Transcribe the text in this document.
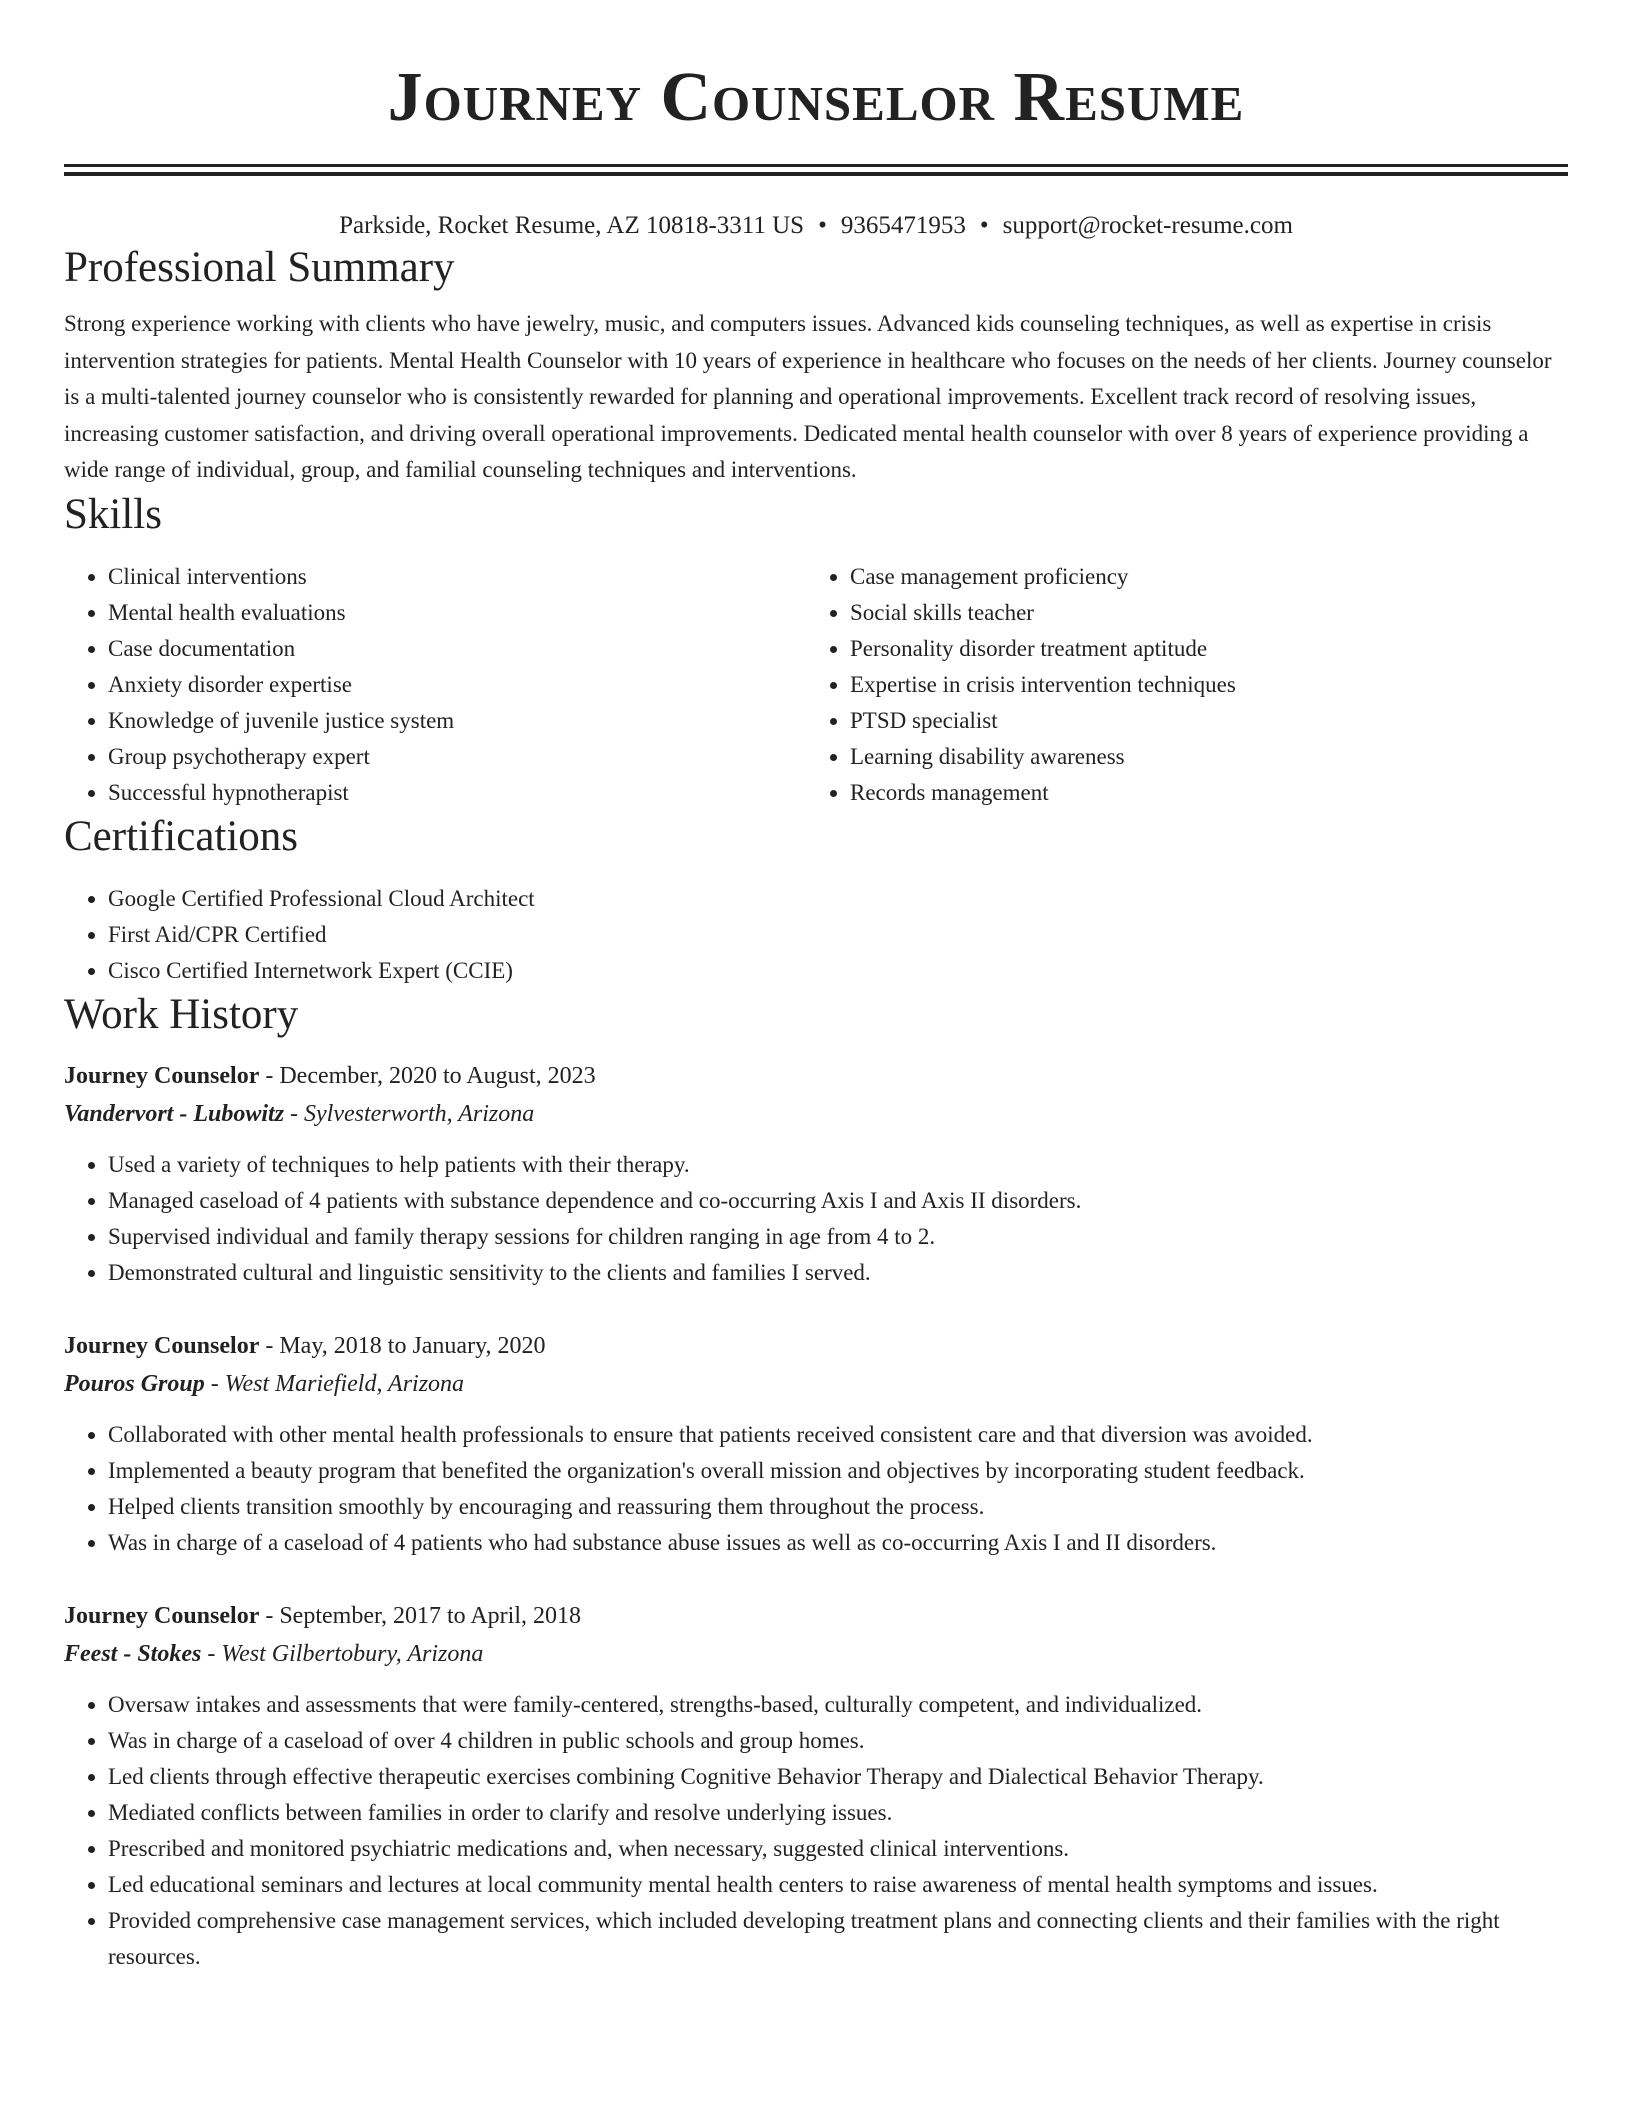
Journey Counselor Resume
Parkside, Rocket Resume, AZ 10818-3311 US • 9365471953 • support@rocket-resume.com
Professional Summary

Strong experience working with clients who have jewelry, music, and computers issues. Advanced kids counseling techniques, as well as expertise in crisis intervention strategies for patients. Mental Health Counselor with 10 years of experience in healthcare who focuses on the needs of her clients. Journey counselor is a multi-talented journey counselor who is consistently rewarded for planning and operational improvements. Excellent track record of resolving issues, increasing customer satisfaction, and driving overall operational improvements. Dedicated mental health counselor with over 8 years of experience providing a wide range of individual, group, and familial counseling techniques and interventions.

Skills
• Clinical interventions
• Mental health evaluations
• Case documentation
• Anxiety disorder expertise
• Knowledge of juvenile justice system
• Group psychotherapy expert
• Successful hypnotherapist
• Case management proficiency
• Social skills teacher
• Personality disorder treatment aptitude
• Expertise in crisis intervention techniques
• PTSD specialist
• Learning disability awareness
• Records management
Certifications
• Google Certified Professional Cloud Architect
• First Aid/CPR Certified
• Cisco Certified Internetwork Expert (CCIE)
Work History
Journey Counselor - December, 2020 to August, 2023
Vandervort - Lubowitz - Sylvesterworth, Arizona
• Used a variety of techniques to help patients with their therapy.
• Managed caseload of 4 patients with substance dependence and co-occurring Axis I and Axis II disorders.
• Supervised individual and family therapy sessions for children ranging in age from 4 to 2.
• Demonstrated cultural and linguistic sensitivity to the clients and families I served.
Journey Counselor - May, 2018 to January, 2020
Pouros Group - West Mariefield, Arizona
• Collaborated with other mental health professionals to ensure that patients received consistent care and that diversion was avoided.
• Implemented a beauty program that benefited the organization's overall mission and objectives by incorporating student feedback.
• Helped clients transition smoothly by encouraging and reassuring them throughout the process.
• Was in charge of a caseload of 4 patients who had substance abuse issues as well as co-occurring Axis I and II disorders.
Journey Counselor - September, 2017 to April, 2018
Feest - Stokes - West Gilbertobury, Arizona
• Oversaw intakes and assessments that were family-centered, strengths-based, culturally competent, and individualized.
• Was in charge of a caseload of over 4 children in public schools and group homes.
• Led clients through effective therapeutic exercises combining Cognitive Behavior Therapy and Dialectical Behavior Therapy.
• Mediated conflicts between families in order to clarify and resolve underlying issues.
• Prescribed and monitored psychiatric medications and, when necessary, suggested clinical interventions.
• Led educational seminars and lectures at local community mental health centers to raise awareness of mental health symptoms and issues.
• Provided comprehensive case management services, which included developing treatment plans and connecting clients and their families with the right resources.
